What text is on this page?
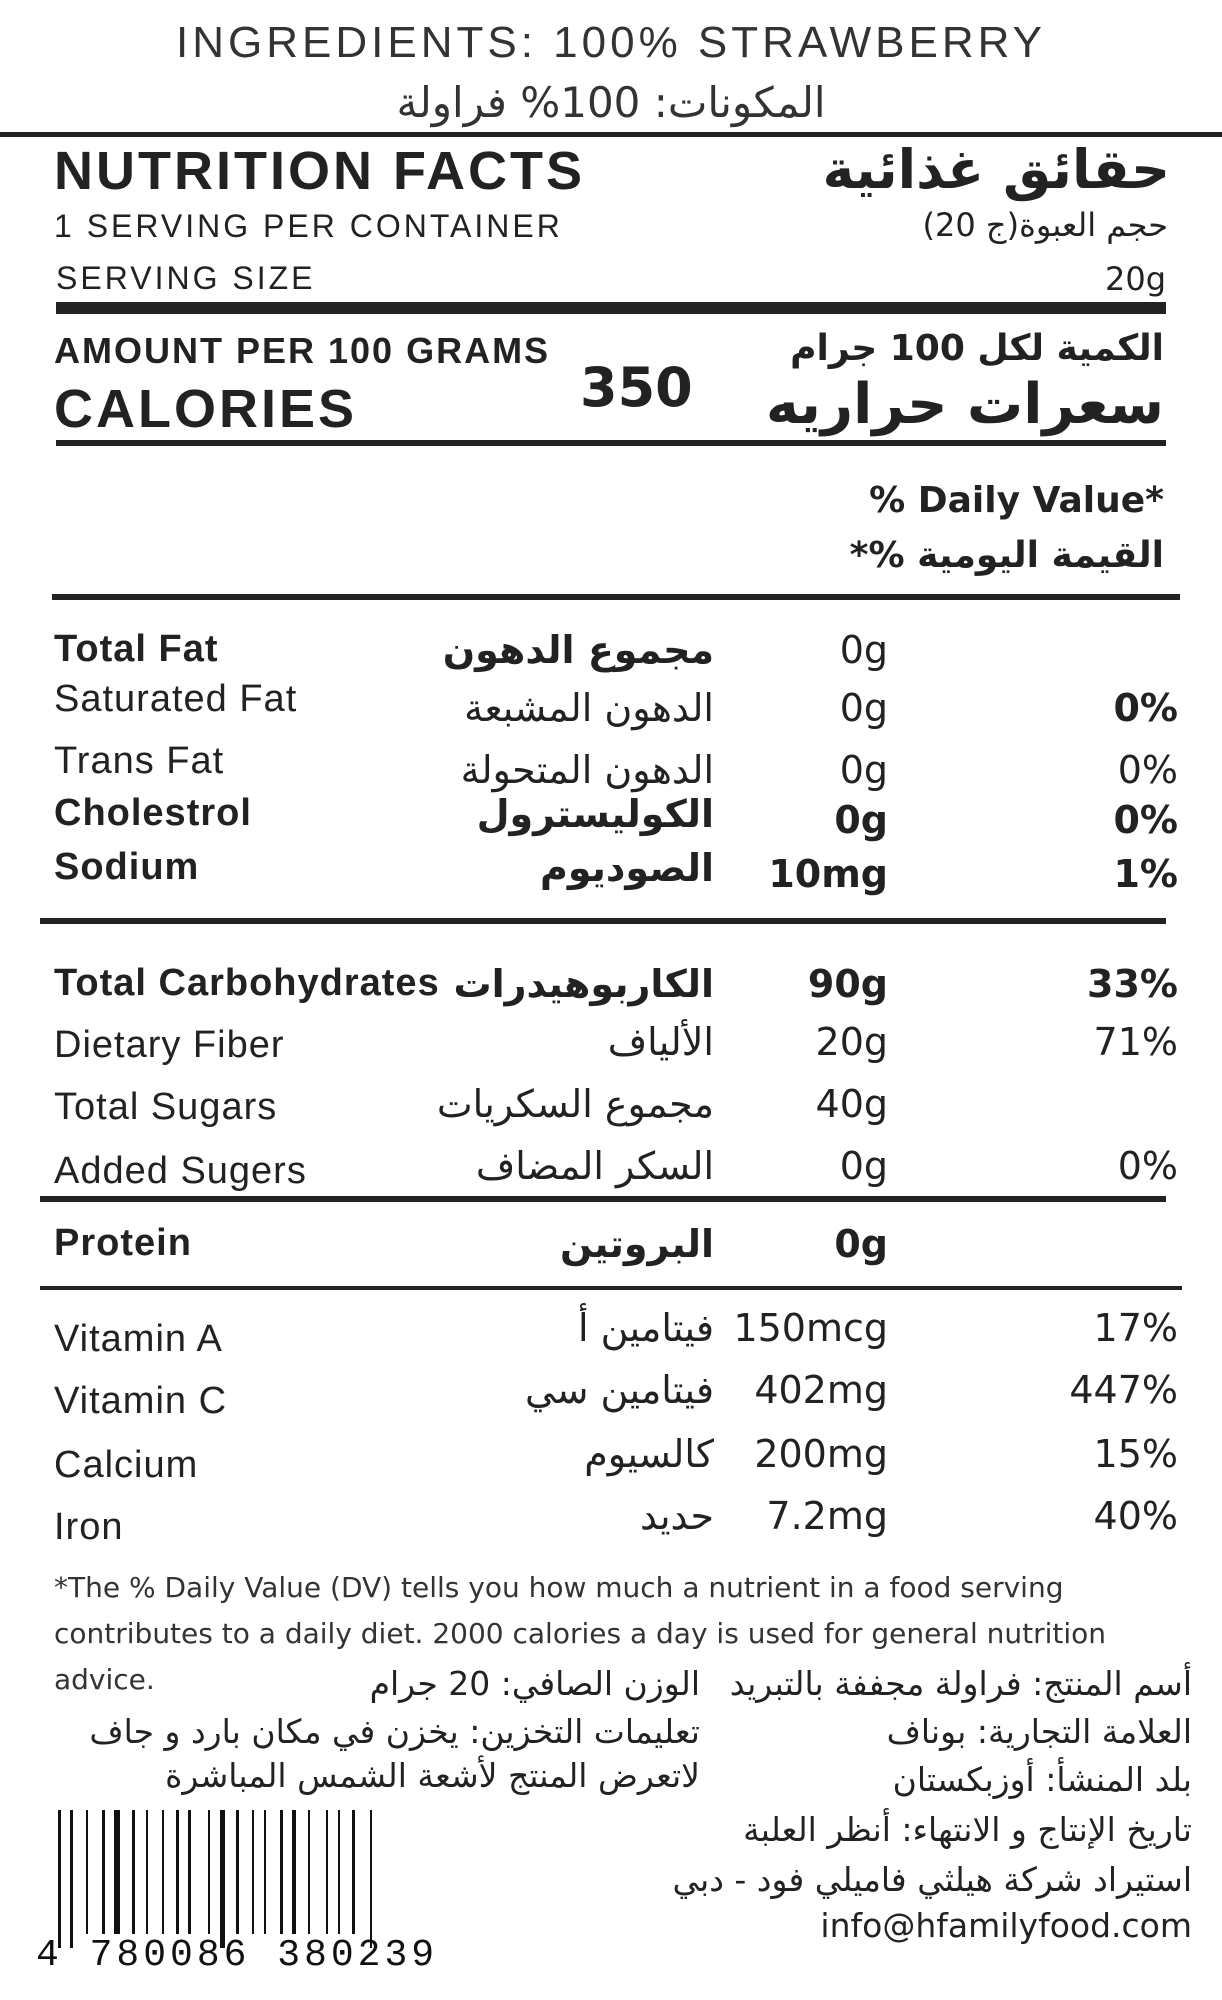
INGREDIENTS: 100% STRAWBERRY
المكونات: 100% فراولة
NUTRITION FACTS	حقائق غذائية
1 SERVING PER CONTAINER	حجم العبوة(ج 20)
SERVING SIZE	20g
AMOUNT PER 100 GRAMS	الكمية لكل 100 جرام
CALORIES	350 سعرات حراريه
% Daily Value*
القيمة اليومية %*
Total Fat	مجموع الدهون	0g
Saturated Fat	الدهون المشبعة	0g	0%
Trans Fat	الدهون المتحولة	0g	0%
Cholestrol	الكوليسترول	0g	0%
Sodium	الصوديوم 10mg	1%
Total Carbohydrates الكاربوهيدرات 90g	33%
Dietary Fiber	الألياف	20g	71%
Total Sugars	مجموع السكريات	40g
Added Sugers	السكر المضاف	0g	0%
Protein	البروتين	0g
Vitamin A	فيتامين أ 150mcg	17%
Vitamin C	فيتامين سي 402mg	447%
Calcium	كالسيوم 200mg	15%
Iron	حديد 7.2mg	40%
*The % Daily Value (DV) tells you how much a nutrient in a food serving contributes to a daily diet. 2000 calories a day is used for general nutrition advice.	الوزن الصافي: 20 جرام
تعليمات التخزين: يخزن في مكان بارد و جاف
لاتعرض المنتج لأشعة الشمس المباشرة
أسم المنتج: فراولة مجففة بالتبريد
العلامة التجارية: بوناف
بلد المنشأ: أوزبكستان
تاريخ الإنتاج و الانتهاء: أنظر العلبة
استيراد شركة هيلثي فاميلي فود - دبي
info@hfamilyfood.com
4 780086 380239
